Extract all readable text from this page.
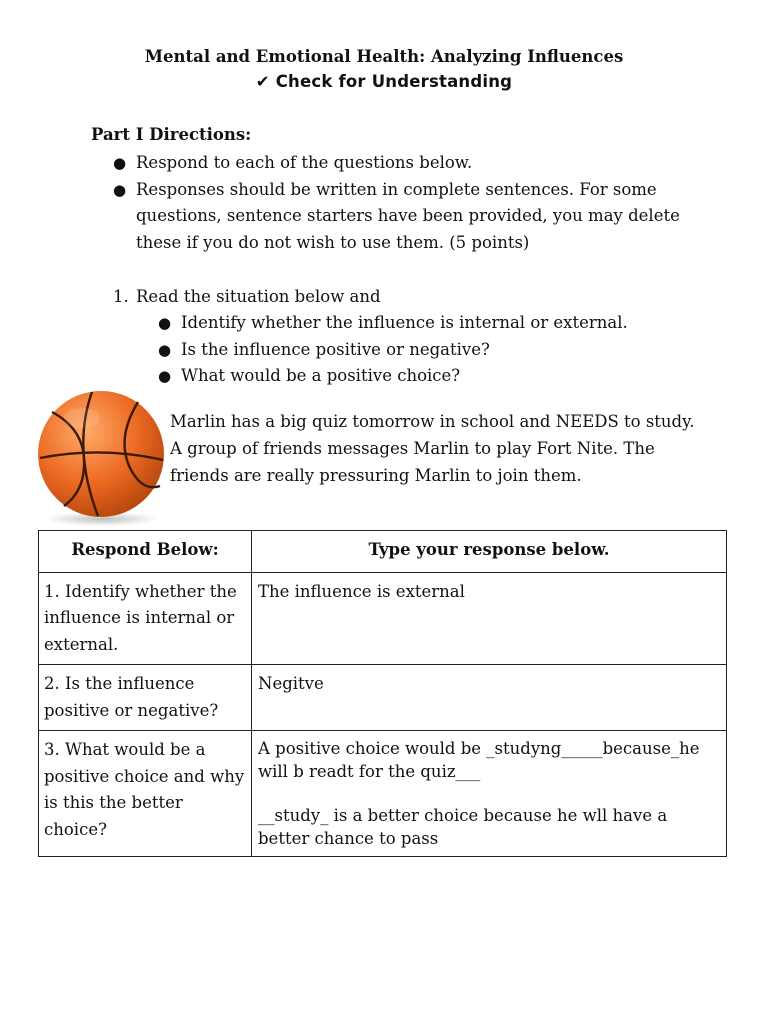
Mental and Emotional Health: Analyzing Influences
✔ Check for Understanding
Part I Directions:
● Respond to each of the questions below.
● Responses should be written in complete sentences. For some questions, sentence starters have been provided, you may delete these if you do not wish to use them. (5 points)
1. Read the situation below and
● Identify whether the influence is internal or external.
● Is the influence positive or negative?
● What would be a positive choice?
Marlin has a big quiz tomorrow in school and NEEDS to study.
A group of friends messages Marlin to play Fort Nite. The
friends are really pressuring Marlin to join them.
Respond Below:	Type your response below.
1. Identify whether the influence is internal or external.	The influence is external
2. Is the influence positive or negative?	Negitve
3. What would be a positive choice and why is this the better choice?	A positive choice would be _studyng_____because_he will b readt for the quiz___

__study_ is a better choice because he wll have a better chance to pass
